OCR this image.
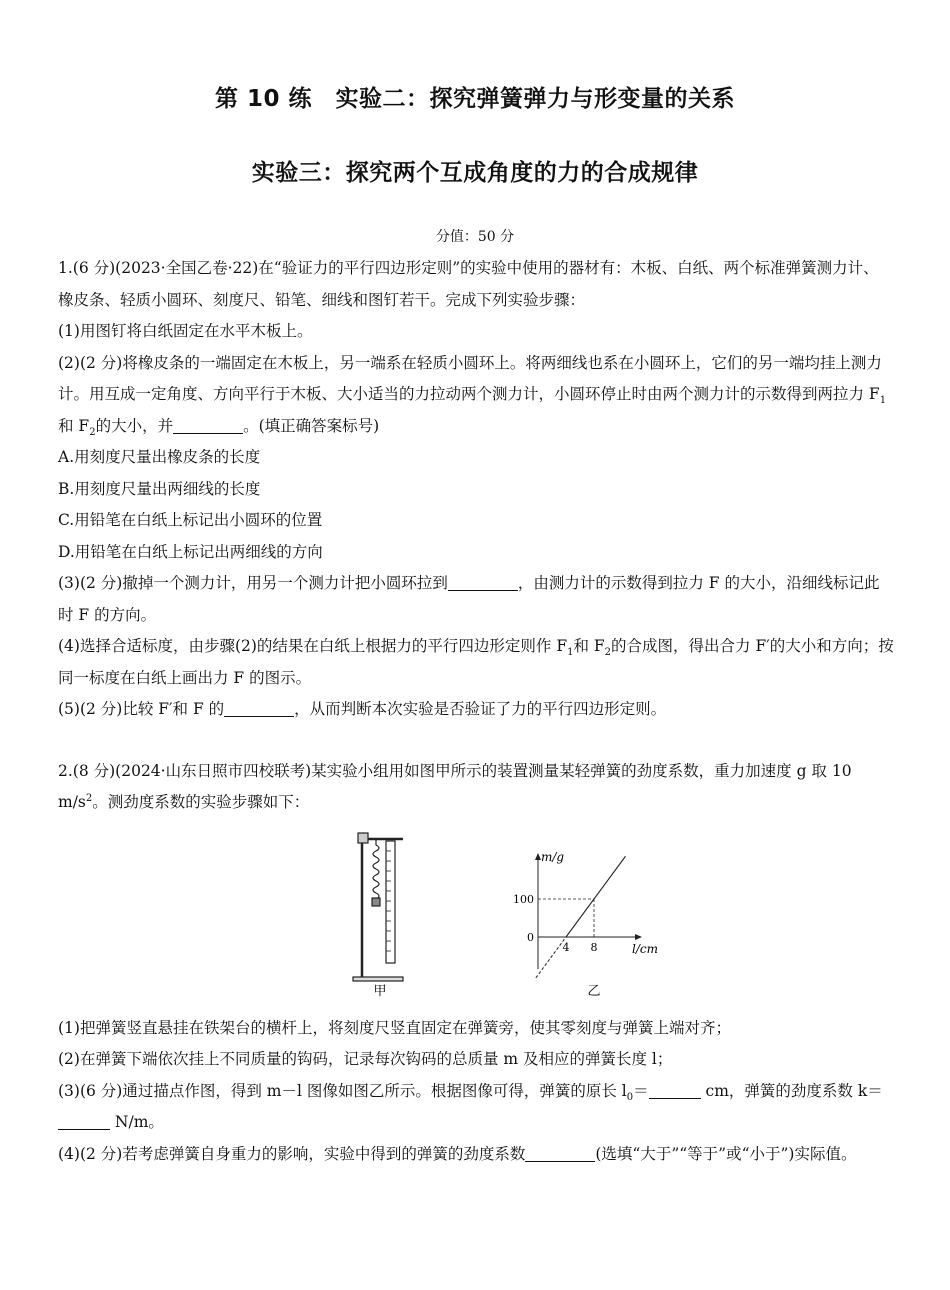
第 10 练　实验二：探究弹簧弹力与形变量的关系
实验三：探究两个互成角度的力的合成规律
分值：50 分

1.(6 分)(2023·全国乙卷·22)在“验证力的平行四边形定则”的实验中使用的器材有：木板、白纸、两个标准弹簧测力计、橡皮条、轻质小圆环、刻度尺、铅笔、细线和图钉若干。完成下列实验步骤：

(1)用图钉将白纸固定在水平木板上。

(2)(2 分)将橡皮条的一端固定在木板上，另一端系在轻质小圆环上。将两细线也系在小圆环上，它们的另一端均挂上测力计。用互成一定角度、方向平行于木板、大小适当的力拉动两个测力计，小圆环停止时由两个测力计的示数得到两拉力 $F_1$和 $F_2$的大小，并	。(填正确答案标号)

A.用刻度尺量出橡皮条的长度

B.用刻度尺量出两细线的长度

C.用铅笔在白纸上标记出小圆环的位置

D.用铅笔在白纸上标记出两细线的方向

(3)(2 分)撤掉一个测力计，用另一个测力计把小圆环拉到	，由测力计的示数得到拉力 F 的大小，沿细线标记此时 F 的方向。

(4)选择合适标度，由步骤(2)的结果在白纸上根据力的平行四边形定则作 $F_1$和 $F_2$的合成图，得出合力 F′的大小和方向；按同一标度在白纸上画出力 F 的图示。

(5)(2 分)比较 F′和 F 的	，从而判断本次实验是否验证了力的平行四边形定则。

2.(8 分)(2024·山东日照市四校联考)某实验小组用如图甲所示的装置测量某轻弹簧的劲度系数，重力加速度 g 取 10 $m/s^2$。测劲度系数的实验步骤如下：

甲
m/g
l/cm
100
0
4 8
乙

(1)把弹簧竖直悬挂在铁架台的横杆上，将刻度尺竖直固定在弹簧旁，使其零刻度与弹簧上端对齐；

(2)在弹簧下端依次挂上不同质量的钩码，记录每次钩码的总质量 m 及相应的弹簧长度 l；

(3)(6 分)通过描点作图，得到 m－l 图像如图乙所示。根据图像可得，弹簧的原长 $l_0=$	cm，弹簧的劲度系数 k＝ N/m。

(4)(2 分)若考虑弹簧自身重力的影响，实验中得到的弹簧的劲度系数	(选填“大于”“等于”或“小于”)实际值。
